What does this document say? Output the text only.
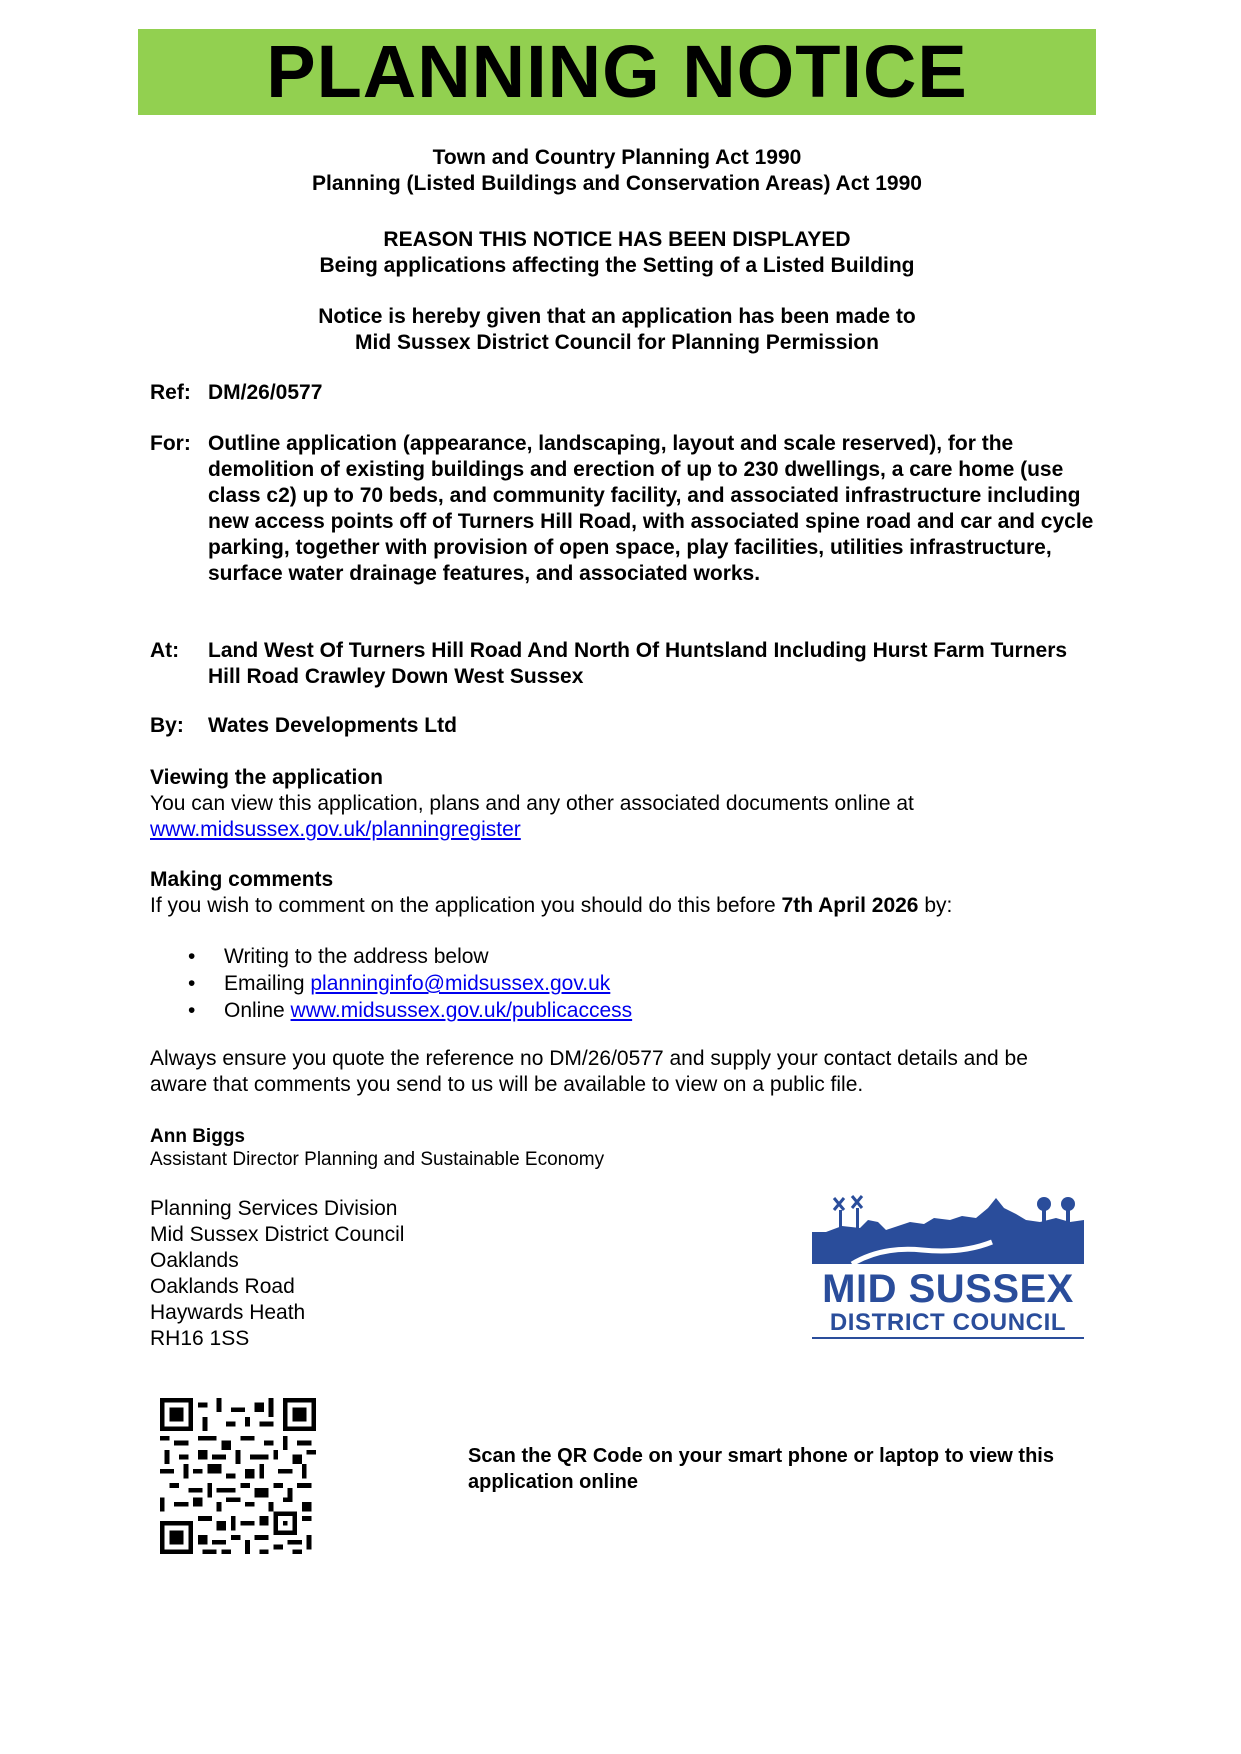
PLANNING NOTICE
Town and Country Planning Act 1990
Planning (Listed Buildings and Conservation Areas) Act 1990
REASON THIS NOTICE HAS BEEN DISPLAYED
Being applications affecting the Setting of a Listed Building
Notice is hereby given that an application has been made to
Mid Sussex District Council for Planning Permission
Ref: DM/26/0577
For: Outline application (appearance, landscaping, layout and scale reserved), for the demolition of existing buildings and erection of up to 230 dwellings, a care home (use class c2) up to 70 beds, and community facility, and associated infrastructure including new access points off of Turners Hill Road, with associated spine road and car and cycle parking, together with provision of open space, play facilities, utilities infrastructure, surface water drainage features, and associated works.
At: Land West Of Turners Hill Road And North Of Huntsland Including Hurst Farm Turners Hill Road Crawley Down West Sussex
By: Wates Developments Ltd
Viewing the application
You can view this application, plans and any other associated documents online at
www.midsussex.gov.uk/planningregister
Making comments
If you wish to comment on the application you should do this before 7th April 2026 by:
• Writing to the address below
• Emailing planninginfo@midsussex.gov.uk
• Online www.midsussex.gov.uk/publicaccess
Always ensure you quote the reference no DM/26/0577 and supply your contact details and be aware that comments you send to us will be available to view on a public file.
Ann Biggs
Assistant Director Planning and Sustainable Economy
Planning Services Division
Mid Sussex District Council
Oaklands
Oaklands Road
Haywards Heath
RH16 1SS
MID SUSSEX
DISTRICT COUNCIL
Scan the QR Code on your smart phone or laptop to view this application online
